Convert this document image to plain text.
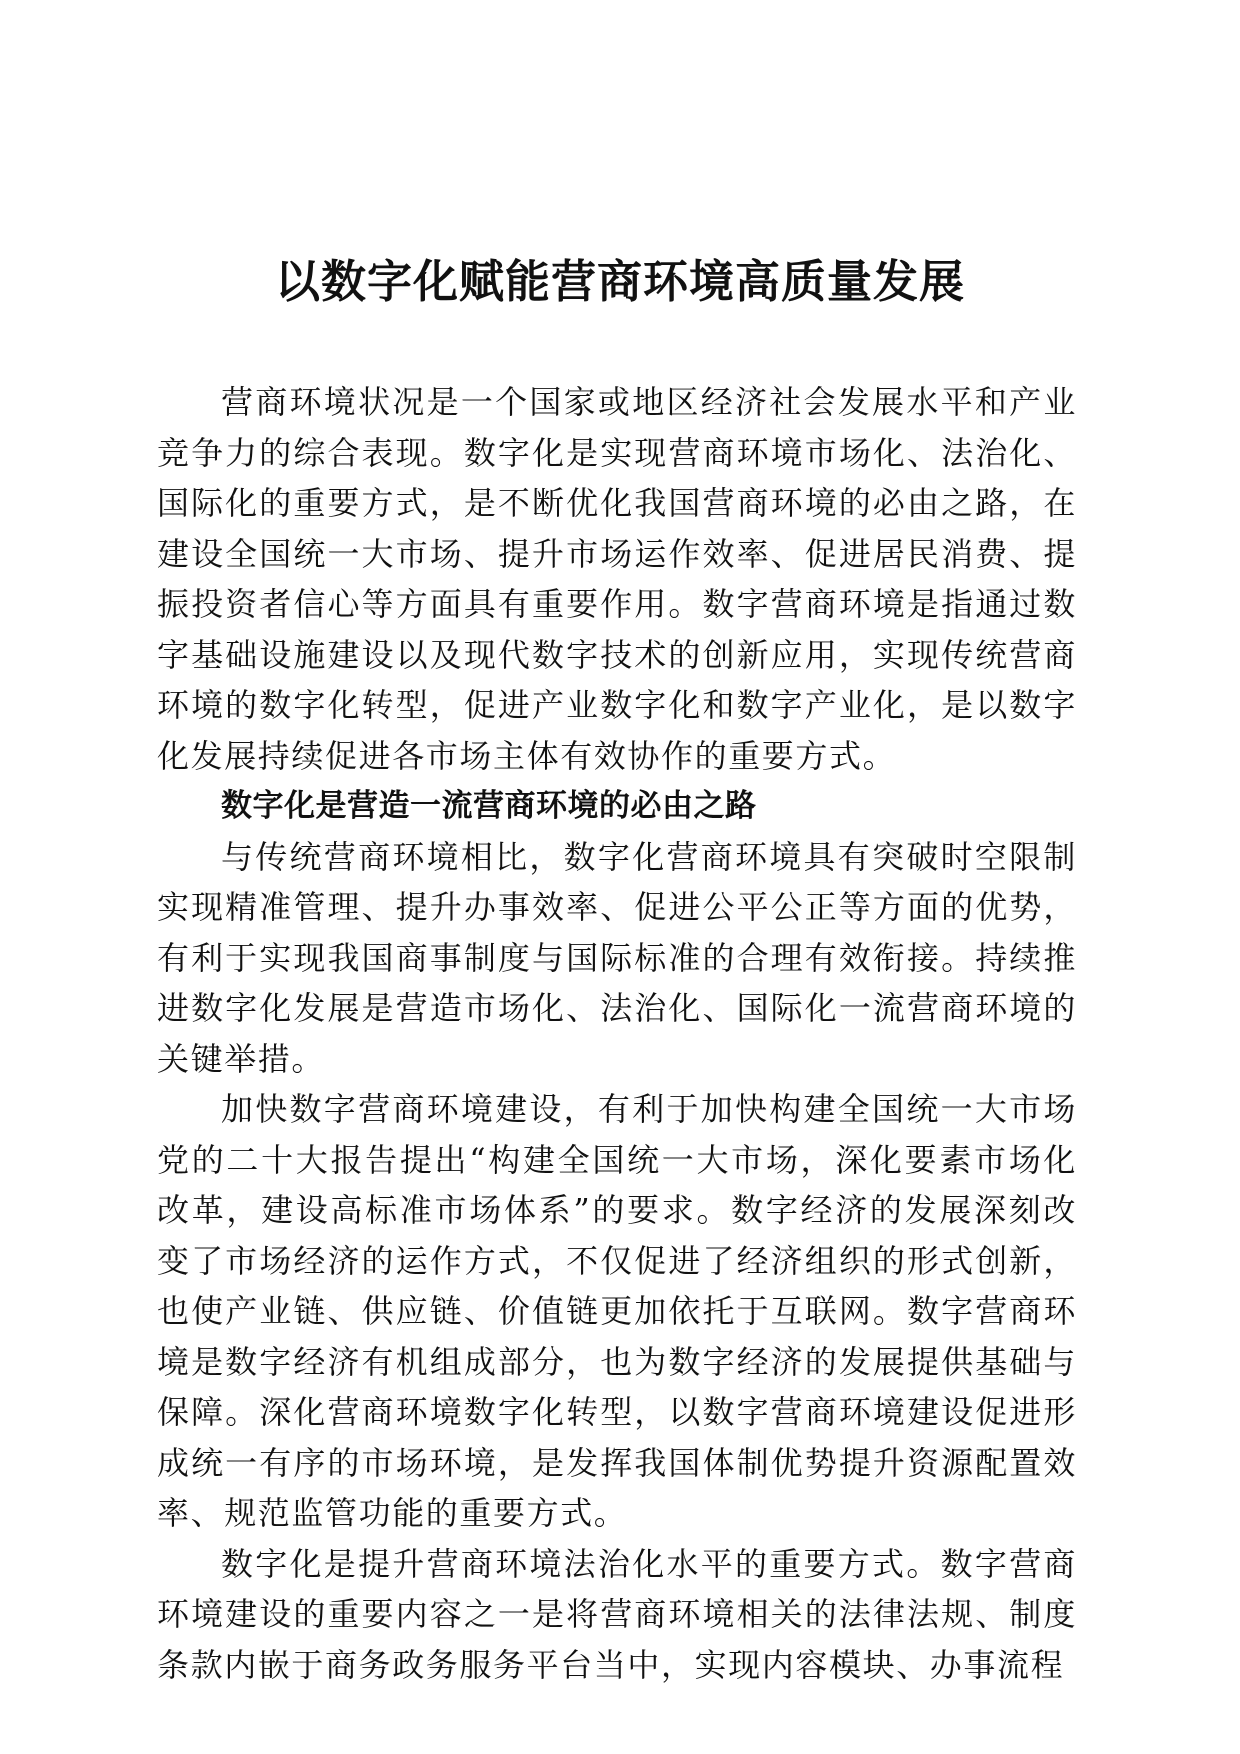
以数字化赋能营商环境高质量发展

营商环境状况是一个国家或地区经济社会发展水平和产业竞争力的综合表现。数字化是实现营商环境市场化、法治化、国际化的重要方式，是不断优化我国营商环境的必由之路，在建设全国统一大市场、提升市场运作效率、促进居民消费、提振投资者信心等方面具有重要作用。数字营商环境是指通过数字基础设施建设以及现代数字技术的创新应用，实现传统营商环境的数字化转型，促进产业数字化和数字产业化，是以数字化发展持续促进各市场主体有效协作的重要方式。

数字化是营造一流营商环境的必由之路

与传统营商环境相比，数字化营商环境具有突破时空限制实现精准管理、提升办事效率、促进公平公正等方面的优势，有利于实现我国商事制度与国际标准的合理有效衔接。持续推进数字化发展是营造市场化、法治化、国际化一流营商环境的关键举措。

加快数字营商环境建设，有利于加快构建全国统一大市场党的二十大报告提出“构建全国统一大市场，深化要素市场化改革，建设高标准市场体系”的要求。数字经济的发展深刻改变了市场经济的运作方式，不仅促进了经济组织的形式创新，也使产业链、供应链、价值链更加依托于互联网。数字营商环境是数字经济有机组成部分，也为数字经济的发展提供基础与保障。深化营商环境数字化转型，以数字营商环境建设促进形成统一有序的市场环境，是发挥我国体制优势提升资源配置效率、规范监管功能的重要方式。

数字化是提升营商环境法治化水平的重要方式。数字营商环境建设的重要内容之一是将营商环境相关的法律法规、制度条款内嵌于商务政务服务平台当中，实现内容模块、办事流程
